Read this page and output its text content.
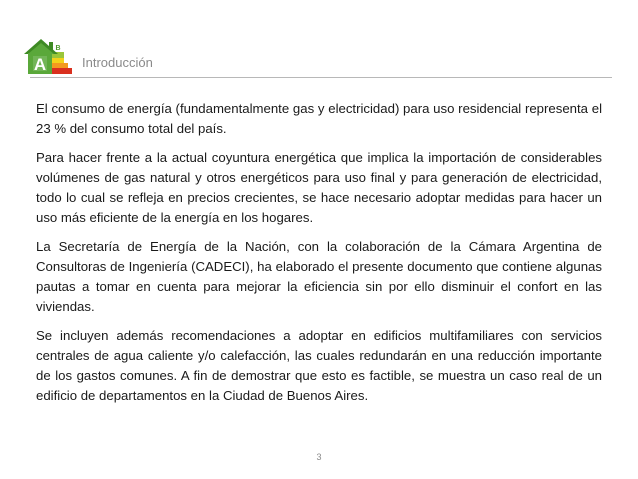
A
B
Introducción

El consumo de energía (fundamentalmente gas y electricidad) para uso residencial representa el 23 % del consumo total del país.

Para hacer frente a la actual coyuntura energética que implica la importación de considerables volúmenes de gas natural y otros energéticos para uso final y para generación de electricidad, todo lo cual se refleja en precios crecientes, se hace necesario adoptar medidas para hacer un uso más eficiente de la energía en los hogares.

La Secretaría de Energía de la Nación, con la colaboración de la Cámara Argentina de Consultoras de Ingeniería (CADECI), ha elaborado el presente documento que contiene algunas pautas a tomar en cuenta para mejorar la eficiencia sin por ello disminuir el confort en las viviendas.

Se incluyen además recomendaciones a adoptar en edificios multifamiliares con servicios centrales de agua caliente y/o calefacción, las cuales redundarán en una reducción importante de los gastos comunes. A fin de demostrar que esto es factible, se muestra un caso real de un edificio de departamentos en la Ciudad de Buenos Aires.

3
